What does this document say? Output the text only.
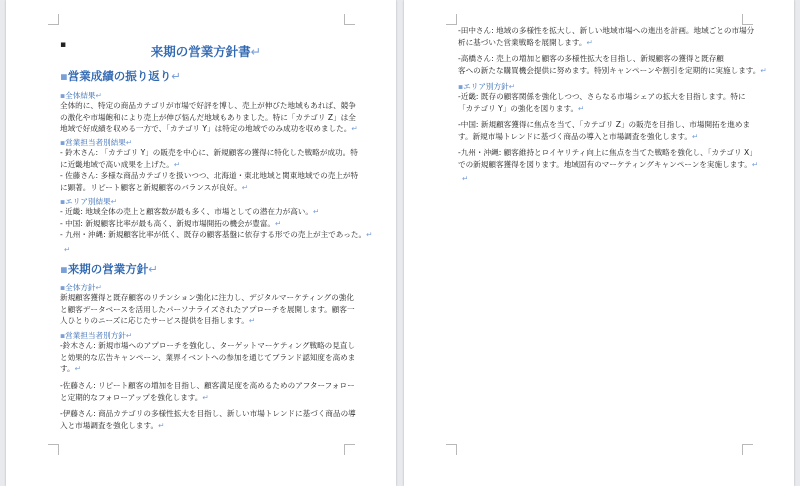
▪	来期の営業方針書↵
▪営業成績の振り返り↵
▪全体結果↵
全体的に、特定の商品カテゴリが市場で好評を博し、売上が伸びた地域もあれば、競争
の激化や市場飽和により売上が伸び悩んだ地域もありました。特に「カテゴリ Z」は全
地域で好成績を収める一方で、「カテゴリ Y」は特定の地域でのみ成功を収めました。↵
▪営業担当者別結果↵
- 鈴木さん: 「カテゴリ Y」の販売を中心に、新規顧客の獲得に特化した戦略が成功。特
に近畿地域で高い成果を上げた。↵
- 佐藤さん: 多様な商品カテゴリを扱いつつ、北海道・東北地域と関東地域での売上が特
に顕著。リピート顧客と新規顧客のバランスが良好。↵
▪エリア別結果↵
- 近畿: 地域全体の売上と顧客数が最も多く、市場としての潜在力が高い。↵
- 中国: 新規顧客比率が最も高く、新規市場開拓の機会が豊富。↵
- 九州・沖縄: 新規顧客比率が低く、既存の顧客基盤に依存する形での売上が主であった。↵
↵
▪来期の営業方針↵
▪全体方針↵
新規顧客獲得と既存顧客のリテンション強化に注力し、デジタルマーケティングの強化
と顧客データベースを活用したパーソナライズされたアプローチを展開します。顧客一
人ひとりのニーズに応じたサービス提供を目指します。↵
▪営業担当者別方針↵
-鈴木さん: 新規市場へのアプローチを強化し、ターゲットマーケティング戦略の見直し
と効果的な広告キャンペーン、業界イベントへの参加を通じてブランド認知度を高めま
す。↵
-佐藤さん: リピート顧客の増加を目指し、顧客満足度を高めるためのアフターフォロー
と定期的なフォローアップを強化します。↵
-伊藤さん: 商品カテゴリの多様性拡大を目指し、新しい市場トレンドに基づく商品の導
入と市場調査を強化します。↵
-田中さん: 地域の多様性を拡大し、新しい地域市場への進出を計画。地域ごとの市場分
析に基づいた営業戦略を展開します。↵
-高橋さん: 売上の増加と顧客の多様性拡大を目指し、新規顧客の獲得と既存顧
客への新たな購買機会提供に努めます。特別キャンペーンや割引を定期的に実施します。↵
▪エリア別方針↵
-近畿: 既存の顧客関係を強化しつつ、さらなる市場シェアの拡大を目指します。特に
「カテゴリ Y」の強化を図ります。↵
-中国: 新規顧客獲得に焦点を当て、「カテゴリ Z」の販売を目指し、市場開拓を進めま
す。新規市場トレンドに基づく商品の導入と市場調査を強化します。↵
-九州・沖縄: 顧客維持とロイヤリティ向上に焦点を当てた戦略を強化し、「カテゴリ X」
での新規顧客獲得を図ります。地域固有のマーケティングキャンペーンを実施します。↵
↵
